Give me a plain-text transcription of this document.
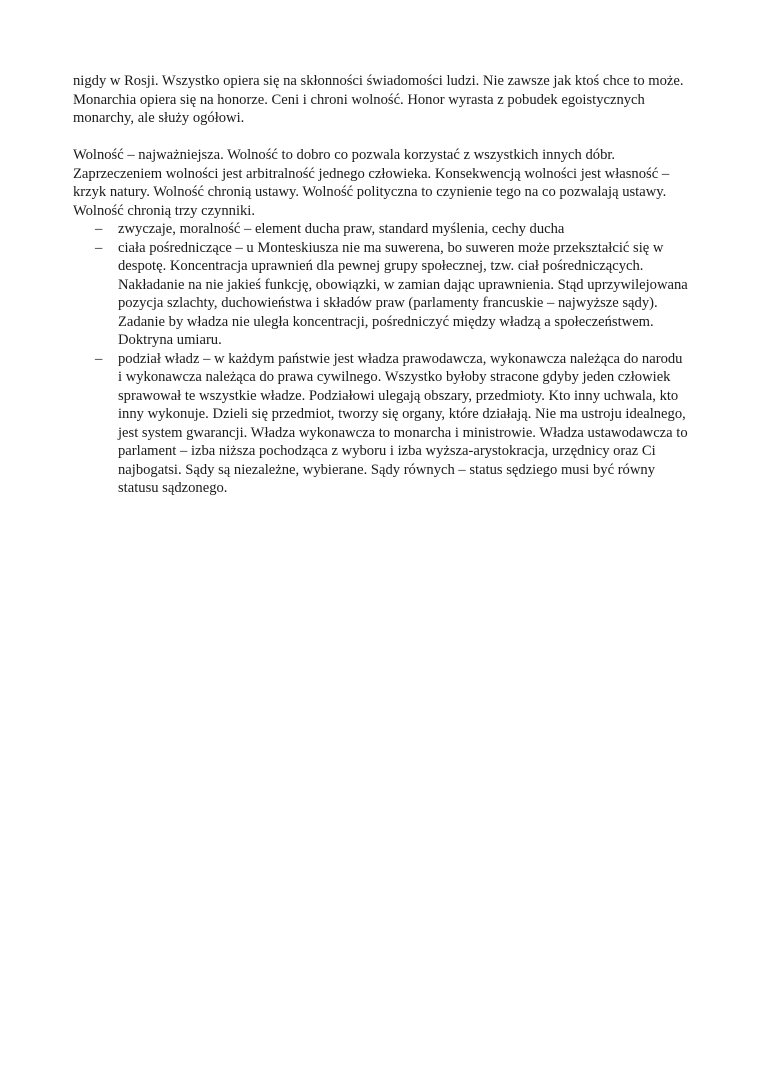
nigdy w Rosji. Wszystko opiera się na skłonności świadomości ludzi. Nie zawsze jak ktoś chce to może. Monarchia opiera się na honorze. Ceni i chroni wolność. Honor wyrasta z pobudek egoistycznych monarchy, ale służy ogółowi.

Wolność – najważniejsza. Wolność to dobro co pozwala korzystać z wszystkich innych dóbr. Zaprzeczeniem wolności jest arbitralność jednego człowieka. Konsekwencją wolności jest własność – krzyk natury. Wolność chronią ustawy. Wolność polityczna to czynienie tego na co pozwalają ustawy.

Wolność chronią trzy czynniki.

– zwyczaje, moralność – element ducha praw, standard myślenia, cechy ducha
– ciała pośredniczące – u Monteskiusza nie ma suwerena, bo suweren może przekształcić się w despotę. Koncentracja uprawnień dla pewnej grupy społecznej, tzw. ciał pośredniczących. Nakładanie na nie jakieś funkcję, obowiązki, w zamian dając uprawnienia. Stąd uprzywilejowana pozycja szlachty, duchowieństwa i składów praw (parlamenty francuskie – najwyższe sądy). Zadanie by władza nie uległa koncentracji, pośredniczyć między władzą a społeczeństwem. Doktryna umiaru.
– podział władz – w każdym państwie jest władza prawodawcza, wykonawcza należąca do narodu i wykonawcza należąca do prawa cywilnego. Wszystko byłoby stracone gdyby jeden człowiek sprawował te wszystkie władze. Podziałowi ulegają obszary, przedmioty. Kto inny uchwala, kto inny wykonuje. Dzieli się przedmiot, tworzy się organy, które działają. Nie ma ustroju idealnego, jest system gwarancji. Władza wykonawcza to monarcha i ministrowie. Władza ustawodawcza to parlament – izba niższa pochodząca z wyboru i izba wyższa-arystokracja, urzędnicy oraz Ci najbogatsi. Sądy są niezależne, wybierane. Sądy równych – status sędziego musi być równy statusu sądzonego.
